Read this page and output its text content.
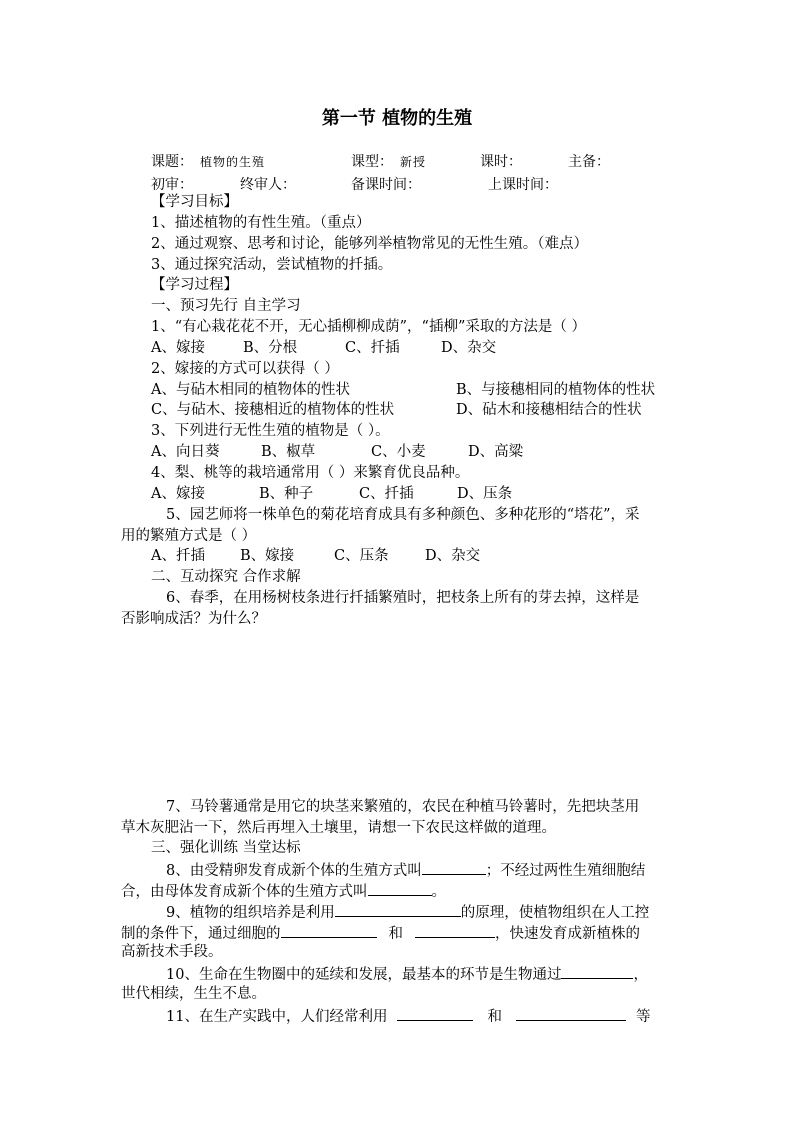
第一节 植物的生殖
课题： 植物的生殖	课型： 新授	课时：	主备：
初审：	终审人：	备课时间：	上课时间：
【学习目标】
1、描述植物的有性生殖。（重点）
2、通过观察、思考和讨论，能够列举植物常见的无性生殖。（难点）
3、通过探究活动，尝试植物的扦插。
【学习过程】
一、预习先行 自主学习
1、“有心栽花花不开，无心插柳柳成荫”，“插柳”采取的方法是（ ）
A、嫁接	B、分根	C、扦插	D、杂交
2、嫁接的方式可以获得（ ）
A、与砧木相同的植物体的性状	B、与接穗相同的植物体的性状
C、与砧木、接穗相近的植物体的性状	D、砧木和接穗相结合的性状
3、下列进行无性生殖的植物是（ ）。
A、向日葵	B、椒草	C、小麦	D、高粱
4、梨、桃等的栽培通常用（ ）来繁育优良品种。
A、嫁接	B、种子	C、扦插	D、压条
5、园艺师将一株单色的菊花培育成具有多种颜色、多种花形的“塔花”，采
用的繁殖方式是（ ）
A、扦插 B、嫁接	C、压条	D、杂交
二、互动探究 合作求解
6、春季，在用杨树枝条进行扦插繁殖时，把枝条上所有的芽去掉，这样是
否影响成活？为什么？
7、马铃薯通常是用它的块茎来繁殖的，农民在种植马铃薯时，先把块茎用
草木灰肥沾一下，然后再埋入土壤里，请想一下农民这样做的道理。
三、强化训练 当堂达标
8、由受精卵发育成新个体的生殖方式叫	；不经过两性生殖细胞结
合，由母体发育成新个体的生殖方式叫	。
9、植物的组织培养是利用	的原理，使植物组织在人工控
制的条件下，通过细胞的	和	，快速发育成新植株的
高新技术手段。
10、生命在生物圈中的延续和发展，最基本的环节是生物通过	，
世代相续，生生不息。
11、在生产实践中，人们经常利用	和	等
